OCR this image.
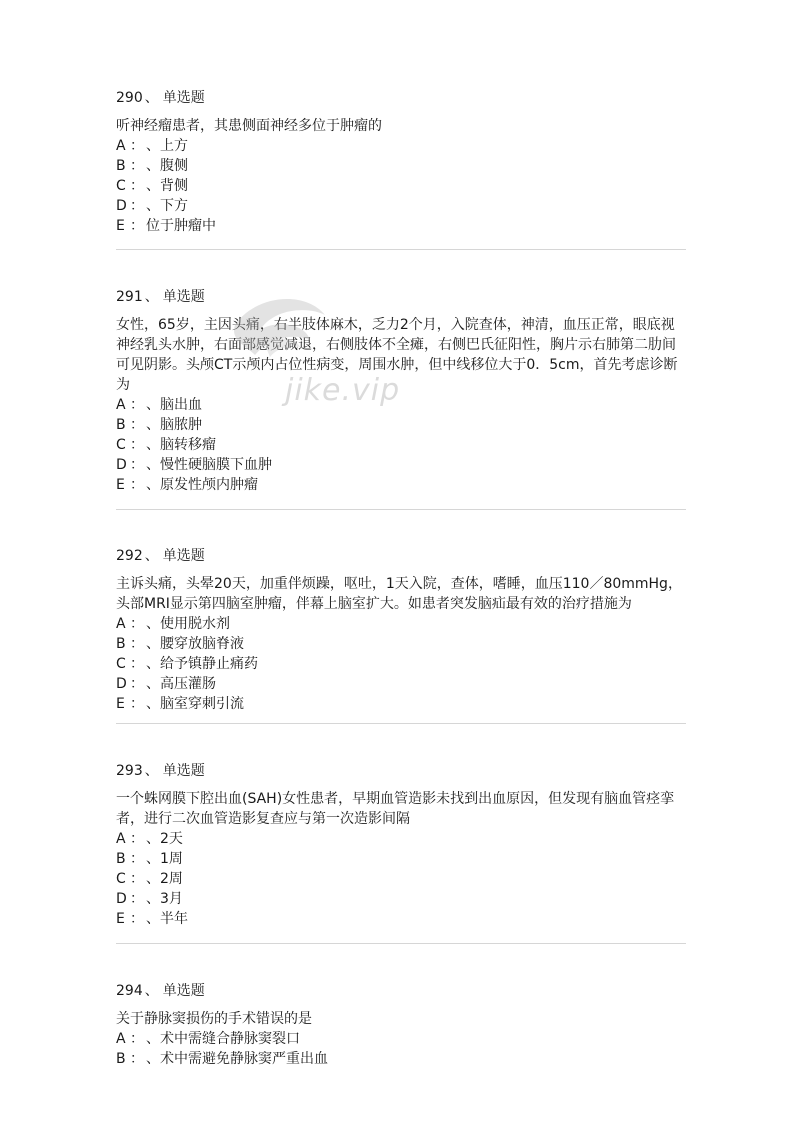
290 、 单选题

听神经瘤患者，其患侧面神经多位于肿瘤的

A ： 、上方
B ： 、腹侧
C ： 、背侧
D ： 、下方
E ： 位于肿瘤中
291 、 单选题

女性，65岁，主因头痛，右半肢体麻木，乏力2个月，入院查体，神清，血压正常，眼底视神经乳头水肿，右面部感觉减退，右侧肢体不全瘫，右侧巴氏征阳性，胸片示右肺第二肋间可见阴影。头颅CT示颅内占位性病变，周围水肿，但中线移位大于0．5cm，首先考虑诊断为

A ： 、脑出血
B ： 、脑脓肿
C ： 、脑转移瘤
D ： 、慢性硬脑膜下血肿
E ： 、原发性颅内肿瘤
292 、 单选题

主诉头痛，头晕20天，加重伴烦躁，呕吐，1天入院，查体，嗜睡，血压110／80mmHg，头部MRI显示第四脑室肿瘤，伴幕上脑室扩大。如患者突发脑疝最有效的治疗措施为

A ： 、使用脱水剂
B ： 、腰穿放脑脊液
C ： 、给予镇静止痛药
D ： 、高压灌肠
E ： 、脑室穿刺引流
293 、 单选题

一个蛛网膜下腔出血(SAH)女性患者，早期血管造影未找到出血原因，但发现有脑血管痉挛者，进行二次血管造影复查应与第一次造影间隔

A ： 、2天
B ： 、1周
C ： 、2周
D ： 、3月
E ： 、半年
294 、 单选题

关于静脉窦损伤的手术错误的是

A ： 、术中需缝合静脉窦裂口
B ： 、术中需避免静脉窦严重出血
jike.vip
